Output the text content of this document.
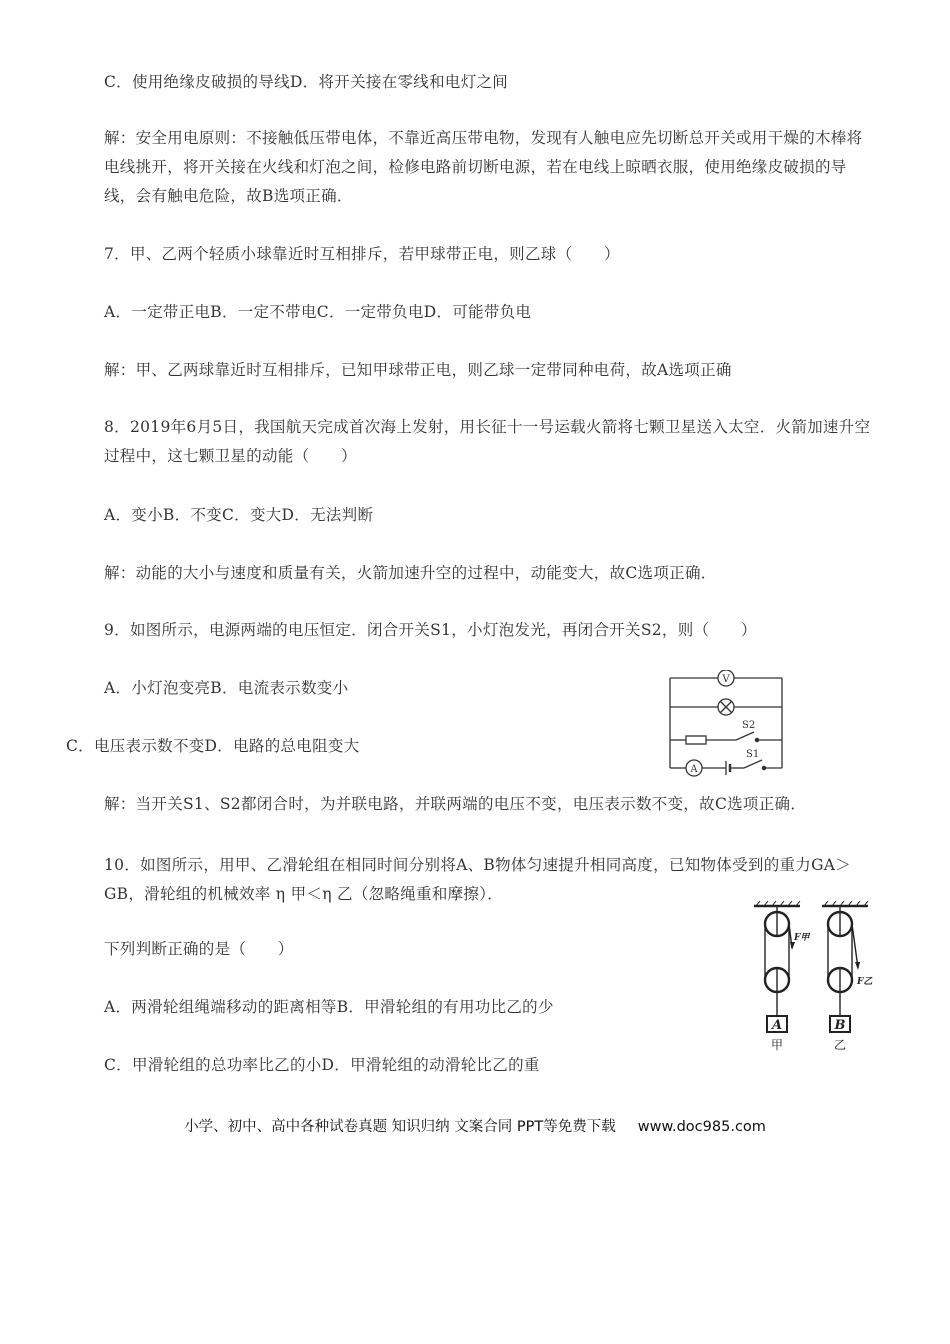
C．使用绝缘皮破损的导线D．将开关接在零线和电灯之间
解：安全用电原则：不接触低压带电体，不靠近高压带电物，发现有人触电应先切断总开关或用干燥的木棒将电线挑开，将开关接在火线和灯泡之间，检修电路前切断电源，若在电线上晾晒衣服，使用绝缘皮破损的导线，会有触电危险，故B选项正确．
7．甲、乙两个轻质小球靠近时互相排斥，若甲球带正电，则乙球（　　）
A．一定带正电B．一定不带电C．一定带负电D．可能带负电
解：甲、乙两球靠近时互相排斥，已知甲球带正电，则乙球一定带同种电荷，故A选项正确
8．2019年6月5日，我国航天完成首次海上发射，用长征十一号运载火箭将七颗卫星送入太空．火箭加速升空过程中，这七颗卫星的动能（　　）
A．变小B．不变C．变大D．无法判断
解：动能的大小与速度和质量有关，火箭加速升空的过程中，动能变大，故C选项正确．
9．如图所示，电源两端的电压恒定．闭合开关S1，小灯泡发光，再闭合开关S2，则（　　）
A．小灯泡变亮B．电流表示数变小
C．电压表示数不变D．电路的总电阻变大
V
A
S2
S1
解：当开关S1、S2都闭合时，为并联电路，并联两端的电压不变，电压表示数不变，故C选项正确．
10．如图所示，用甲、乙滑轮组在相同时间分别将A、B物体匀速提升相同高度，已知物体受到的重力GA＞GB，滑轮组的机械效率 η 甲＜η 乙（忽略绳重和摩擦）．
下列判断正确的是（　　）
A．两滑轮组绳端移动的距离相等B．甲滑轮组的有用功比乙的少
C．甲滑轮组的总功率比乙的小D．甲滑轮组的动滑轮比乙的重
A	B
甲	乙
F甲
F乙
小学、初中、高中各种试卷真题 知识归纳 文案合同 PPT等免费下载 www.doc985.com
